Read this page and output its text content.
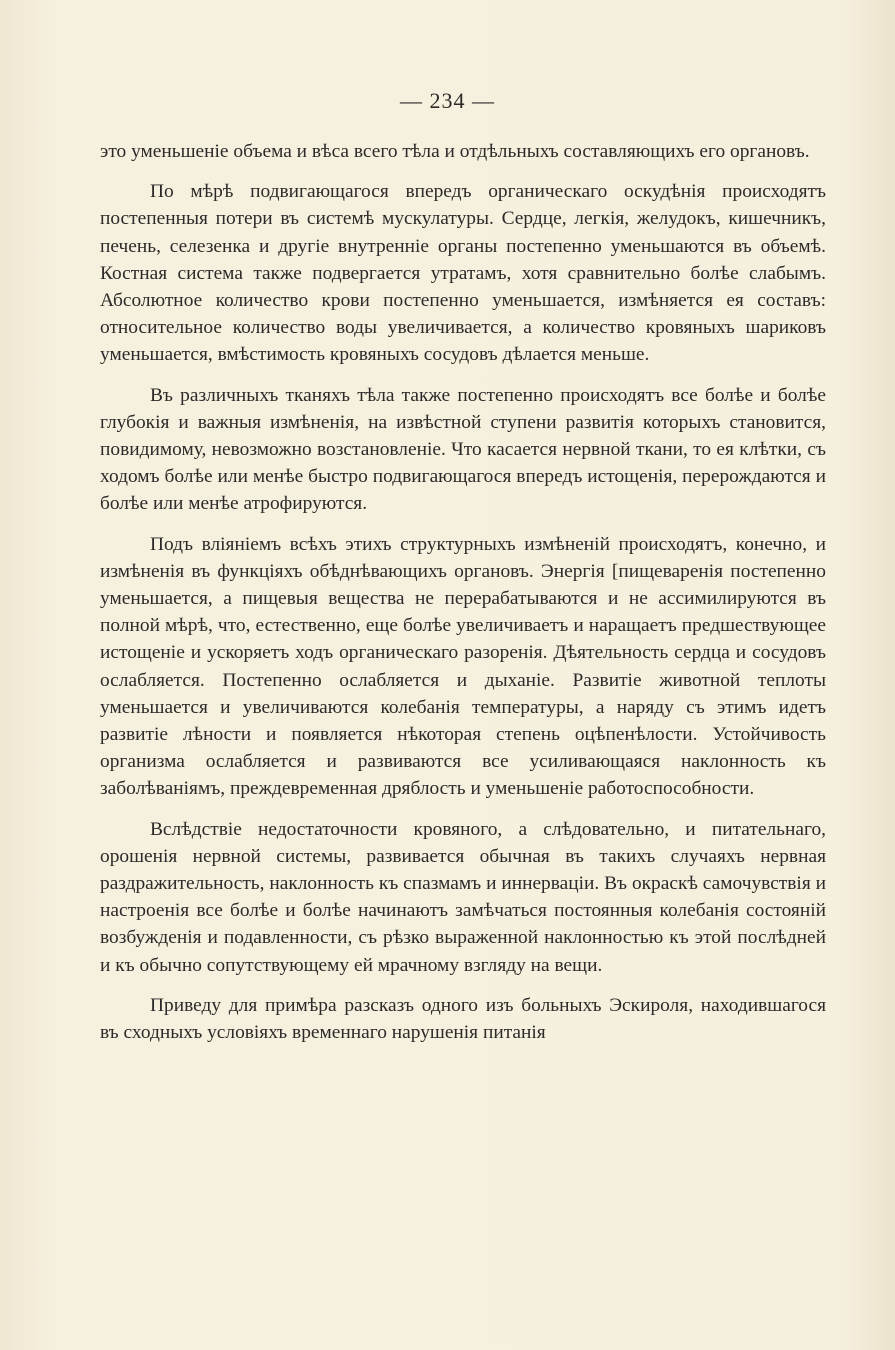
— 234 —

это уменьшеніе объема и вѣса всего тѣла и отдѣльныхъ составляющихъ его органовъ.

По мѣрѣ подвигающагося впередъ органическаго оскудѣнія происходятъ постепенныя потери въ системѣ мускулатуры. Сердце, легкія, желудокъ, кишечникъ, печень, селезенка и другіе внутренніе органы постепенно уменьшаются въ объемѣ. Костная система также подвергается утратамъ, хотя сравнительно болѣе слабымъ. Абсолютное количество крови постепенно уменьшается, измѣняется ея составъ: относительное количество воды увеличивается, а количество кровяныхъ шариковъ уменьшается, вмѣстимость кровяныхъ сосудовъ дѣлается меньше.

Въ различныхъ тканяхъ тѣла также постепенно происходятъ все болѣе и болѣе глубокія и важныя измѣненія, на извѣстной ступени развитія которыхъ становится, повидимому, невозможно возстановленіе. Что касается нервной ткани, то ея клѣтки, съ ходомъ болѣе или менѣе быстро подвигающагося впередъ истощенія, перерождаются и болѣе или менѣе атрофируются.

Подъ вліяніемъ всѣхъ этихъ структурныхъ измѣненій происходятъ, конечно, и измѣненія въ функціяхъ обѣднѣвающихъ органовъ. Энергія [пищеваренія постепенно уменьшается, а пищевыя вещества не перерабатываются и не ассимилируются въ полной мѣрѣ, что, естественно, еще болѣе увеличиваетъ и наращаетъ предшествующее истощеніе и ускоряетъ ходъ органическаго разоренія. Дѣятельность сердца и сосудовъ ослабляется. Постепенно ослабляется и дыханіе. Развитіе животной теплоты уменьшается и увеличиваются колебанія температуры, а наряду съ этимъ идетъ развитіе лѣности и появляется нѣкоторая степень оцѣпенѣлости. Устойчивость организма ослабляется и развиваются все усиливающаяся наклонность къ заболѣваніямъ, преждевременная дряблость и уменьшеніе работоспособности.

Вслѣдствіе недостаточности кровяного, а слѣдовательно, и питательнаго, орошенія нервной системы, развивается обычная въ такихъ случаяхъ нервная раздражительность, наклонность къ спазмамъ и иннерваціи. Въ окраскѣ самочувствія и настроенія все болѣе и болѣе начинаютъ замѣчаться постоянныя колебанія состояній возбужденія и подавленности, съ рѣзко выраженной наклонностью къ этой послѣдней и къ обычно сопутствующему ей мрачному взгляду на вещи.

Приведу для примѣра разсказъ одного изъ больныхъ Эскироля, находившагося въ сходныхъ условіяхъ временнаго нарушенія питанія
